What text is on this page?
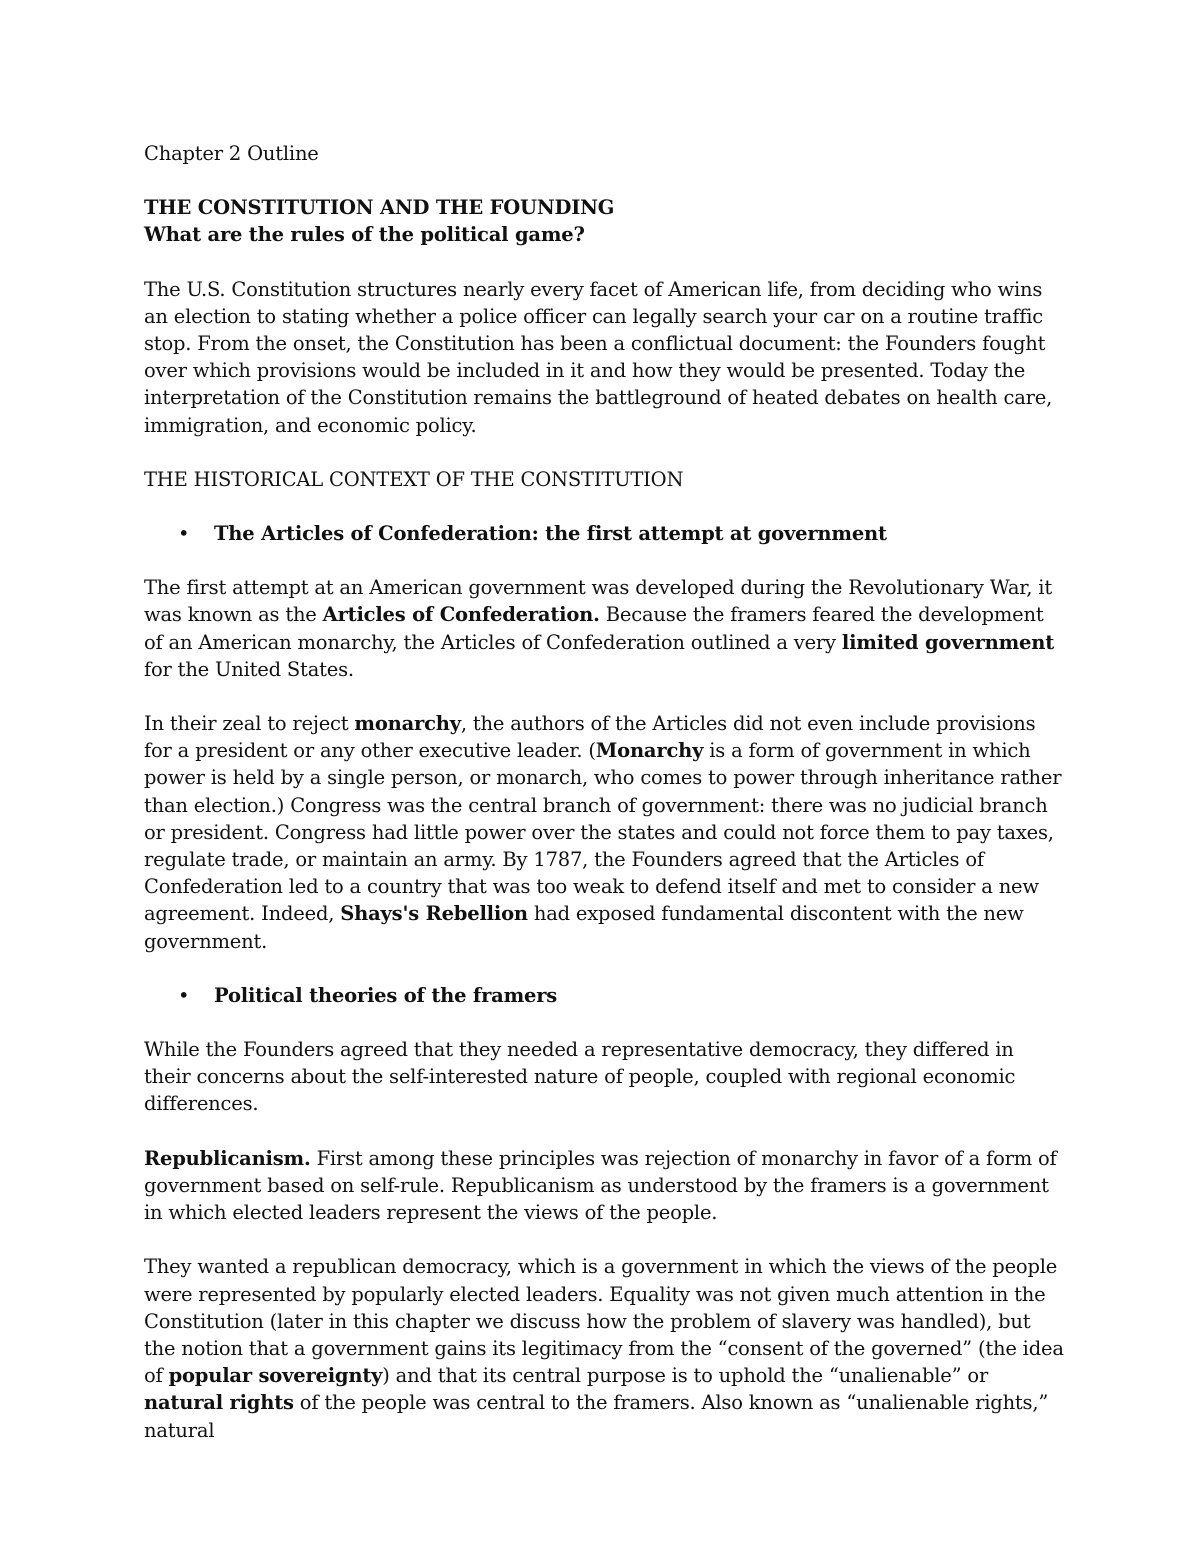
Chapter 2 Outline

THE CONSTITUTION AND THE FOUNDING

What are the rules of the political game?

The U.S. Constitution structures nearly every facet of American life, from deciding who wins an election to stating whether a police officer can legally search your car on a routine traffic stop. From the onset, the Constitution has been a conflictual document: the Founders fought over which provisions would be included in it and how they would be presented. Today the interpretation of the Constitution remains the battleground of heated debates on health care, immigration, and economic policy.

THE HISTORICAL CONTEXT OF THE CONSTITUTION

• The Articles of Confederation: the first attempt at government

The first attempt at an American government was developed during the Revolutionary War, it was known as the Articles of Confederation. Because the framers feared the development of an American monarchy, the Articles of Confederation outlined a very limited government for the United States.

In their zeal to reject monarchy, the authors of the Articles did not even include provisions for a president or any other executive leader. (Monarchy is a form of government in which power is held by a single person, or monarch, who comes to power through inheritance rather than election.) Congress was the central branch of government: there was no judicial branch or president. Congress had little power over the states and could not force them to pay taxes, regulate trade, or maintain an army. By 1787, the Founders agreed that the Articles of Confederation led to a country that was too weak to defend itself and met to consider a new agreement. Indeed, Shays's Rebellion had exposed fundamental discontent with the new government.

• Political theories of the framers

While the Founders agreed that they needed a representative democracy, they differed in their concerns about the self-interested nature of people, coupled with regional economic differences.

Republicanism. First among these principles was rejection of monarchy in favor of a form of government based on self-rule. Republicanism as understood by the framers is a government in which elected leaders represent the views of the people.

They wanted a republican democracy, which is a government in which the views of the people were represented by popularly elected leaders. Equality was not given much attention in the Constitution (later in this chapter we discuss how the problem of slavery was handled), but the notion that a government gains its legitimacy from the “consent of the governed” (the idea of popular sovereignty) and that its central purpose is to uphold the “unalienable” or natural rights of the people was central to the framers. Also known as “unalienable rights,” natural
